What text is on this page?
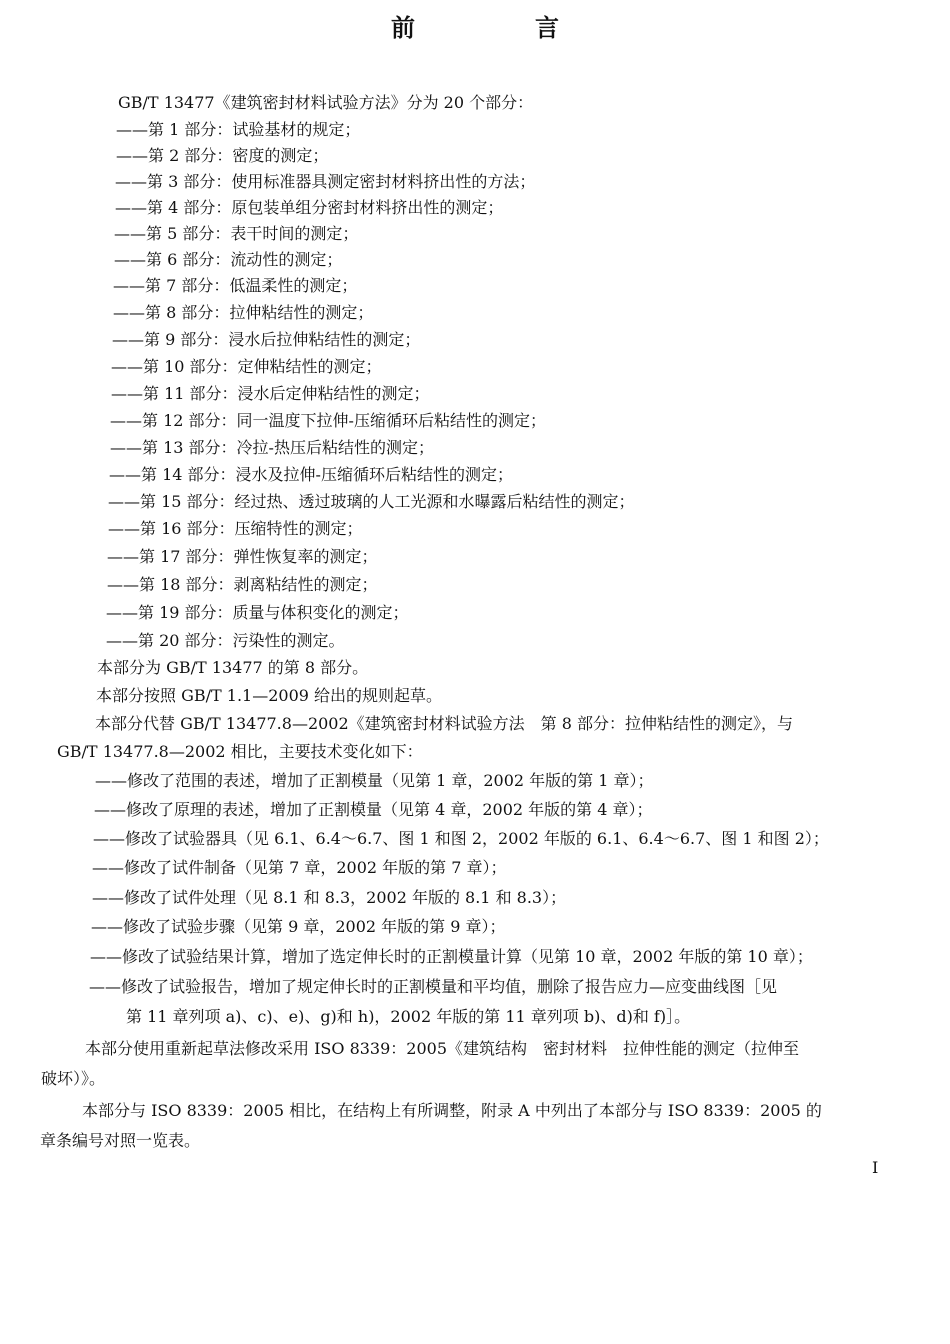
前　言
GB/T 13477《建筑密封材料试验方法》分为 20 个部分：
——第 1 部分：试验基材的规定；
——第 2 部分：密度的测定；
——第 3 部分：使用标准器具测定密封材料挤出性的方法；
——第 4 部分：原包装单组分密封材料挤出性的测定；
——第 5 部分：表干时间的测定；
——第 6 部分：流动性的测定；
——第 7 部分：低温柔性的测定；
——第 8 部分：拉伸粘结性的测定；
——第 9 部分：浸水后拉伸粘结性的测定；
——第 10 部分：定伸粘结性的测定；
——第 11 部分：浸水后定伸粘结性的测定；
——第 12 部分：同一温度下拉伸-压缩循环后粘结性的测定；
——第 13 部分：冷拉-热压后粘结性的测定；
——第 14 部分：浸水及拉伸-压缩循环后粘结性的测定；
——第 15 部分：经过热、透过玻璃的人工光源和水曝露后粘结性的测定；
——第 16 部分：压缩特性的测定；
——第 17 部分：弹性恢复率的测定；
——第 18 部分：剥离粘结性的测定；
——第 19 部分：质量与体积变化的测定；
——第 20 部分：污染性的测定。
本部分为 GB/T 13477 的第 8 部分。
本部分按照 GB/T 1.1—2009 给出的规则起草。
本部分代替 GB/T 13477.8—2002《建筑密封材料试验方法　第 8 部分：拉伸粘结性的测定》，与
GB/T 13477.8—2002 相比，主要技术变化如下：
——修改了范围的表述，增加了正割模量（见第 1 章，2002 年版的第 1 章）；
——修改了原理的表述，增加了正割模量（见第 4 章，2002 年版的第 4 章）；
——修改了试验器具（见 6.1、6.4～6.7、图 1 和图 2，2002 年版的 6.1、6.4～6.7、图 1 和图 2）；
——修改了试件制备（见第 7 章，2002 年版的第 7 章）；
——修改了试件处理（见 8.1 和 8.3，2002 年版的 8.1 和 8.3）；
——修改了试验步骤（见第 9 章，2002 年版的第 9 章）；
——修改了试验结果计算，增加了选定伸长时的正割模量计算（见第 10 章，2002 年版的第 10 章）；
——修改了试验报告，增加了规定伸长时的正割模量和平均值，删除了报告应力—应变曲线图［见
第 11 章列项 a)、c)、e)、g)和 h)，2002 年版的第 11 章列项 b)、d)和 f)］。
本部分使用重新起草法修改采用 ISO 8339：2005《建筑结构　密封材料　拉伸性能的测定（拉伸至
破坏）》。
本部分与 ISO 8339：2005 相比，在结构上有所调整，附录 A 中列出了本部分与 ISO 8339：2005 的
章条编号对照一览表。
I
